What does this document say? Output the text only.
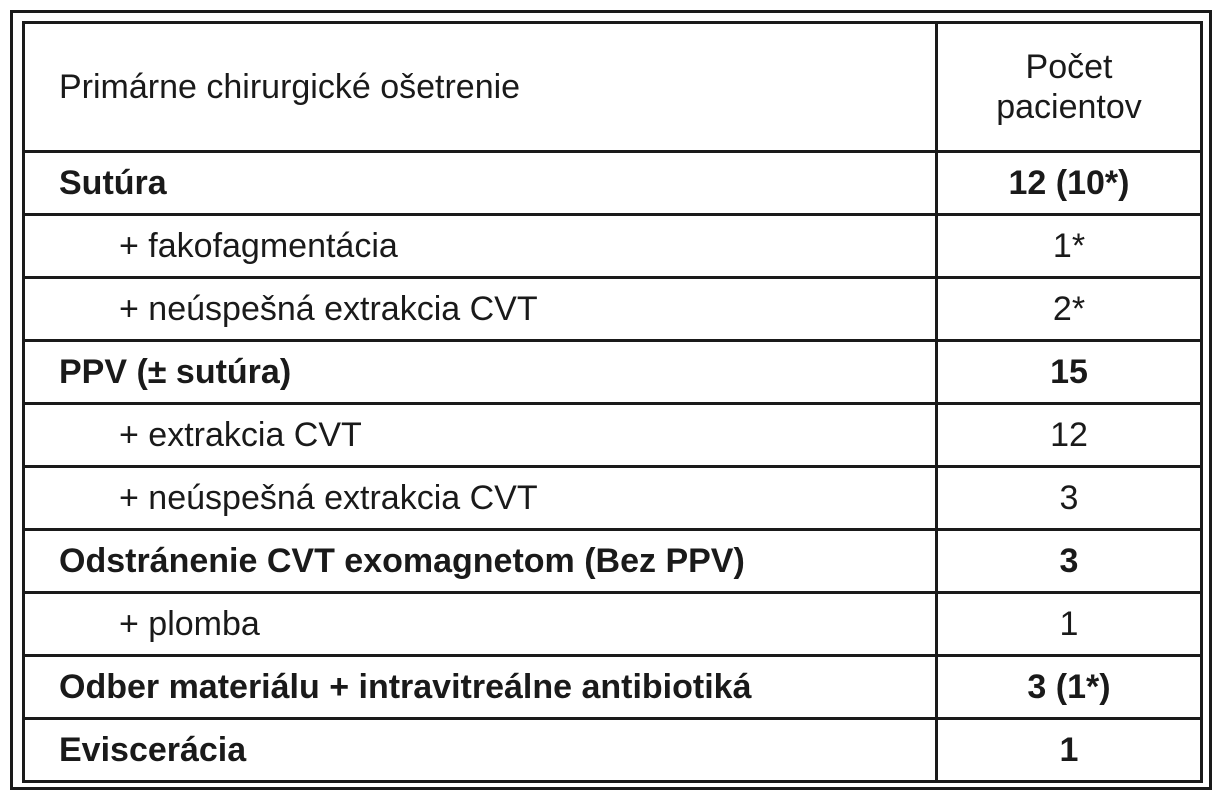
Primárne chirurgické ošetrenie	Počet
pacientov

Sutúra	12 (10*)
+ fakofagmentácia	1*
+ neúspešná extrakcia CVT	2*
PPV (± sutúra)	15
+ extrakcia CVT	12
+ neúspešná extrakcia CVT	3
Odstránenie CVT exomagnetom (Bez PPV)	3
+ plomba	1
Odber materiálu + intravitreálne antibiotiká	3 (1*)
Eviscerácia	1
